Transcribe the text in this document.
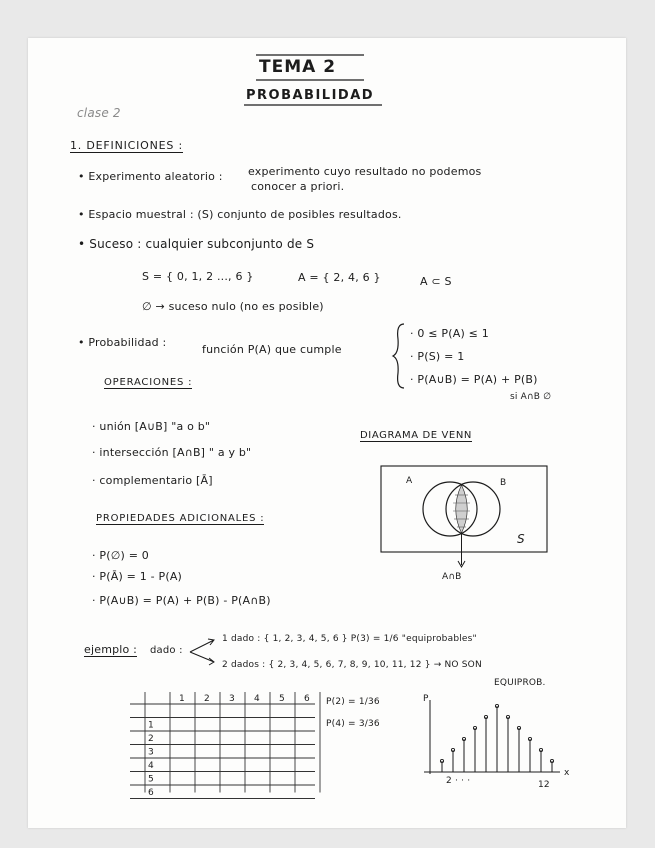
TEMA 2
PROBABILIDAD
clase 2
1. DEFINICIONES :
• Experimento aleatorio : experimento cuyo resultado no podemos
conocer a priori.
• Espacio muestral : (S) conjunto de posibles resultados.
• Suceso : cualquier subconjunto de S
S = { 0, 1, 2 ..., 6 }	A = { 2, 4, 6 }	A ⊂ S
∅ → suceso nulo (no es posible)
• Probabilidad :
función P(A) que cumple
· 0 ≤ P(A) ≤ 1
· P(S) = 1
· P(A∪B) = P(A) + P(B)
si A∩B ∅
OPERACIONES :
· unión [A∪B] "a o b"
· intersección [A∩B] " a y b"
· complementario [Ā]
DIAGRAMA DE VENN
A	B
S
A∩B
PROPIEDADES ADICIONALES :
· P(∅) = 0
· P(Ā) = 1 - P(A)
· P(A∪B) = P(A) + P(B) - P(A∩B)
ejemplo : dado :
1 dado : { 1, 2, 3, 4, 5, 6 } P(3) = 1/6 "equiprobables"
2 dados : { 2, 3, 4, 5, 6, 7, 8, 9, 10, 11, 12 } → NO SON
EQUIPROB.
1 2 3 4 5 6
1
2
3
4
5
6
P(2) = 1/36
P(4) = 3/36
P
x
2 · · ·	12
